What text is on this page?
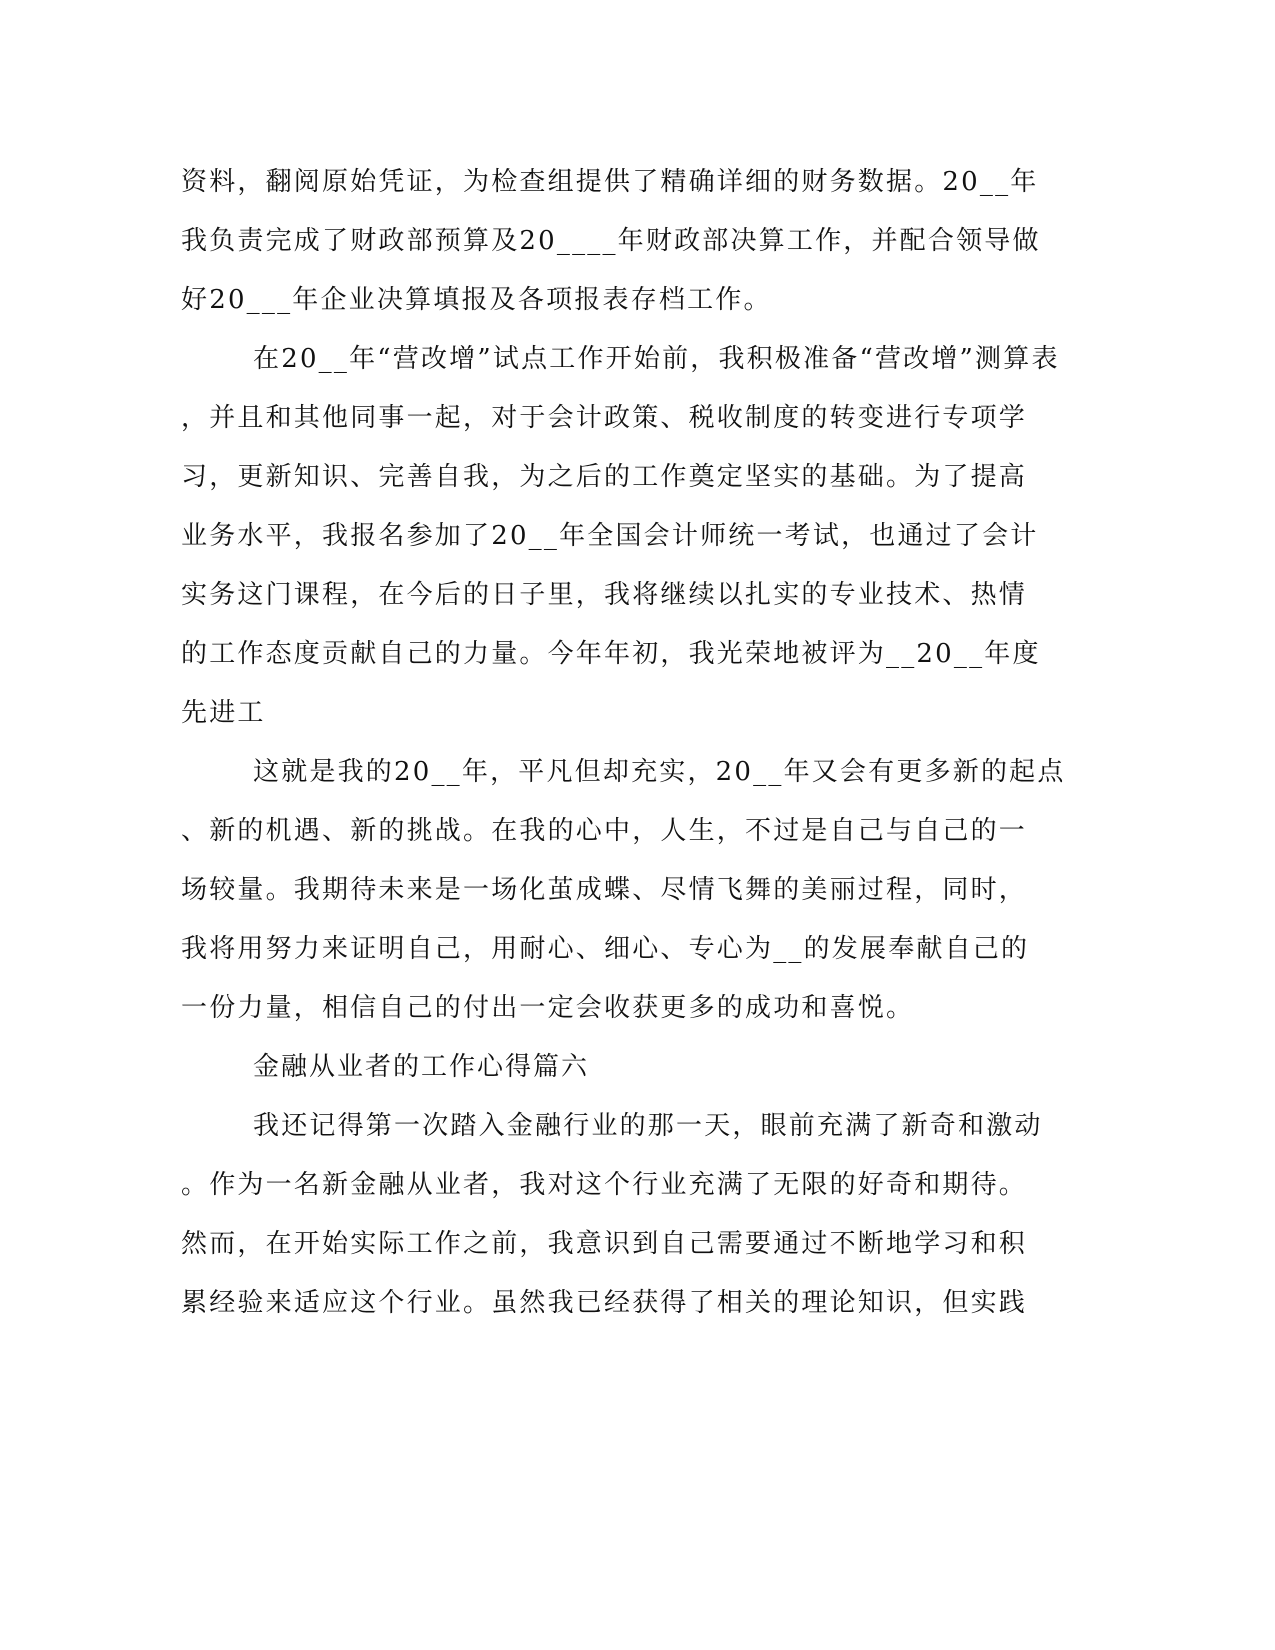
资料，翻阅原始凭证，为检查组提供了精确详细的财务数据。20__年
我负责完成了财政部预算及20____年财政部决算工作，并配合领导做
好20___年企业决算填报及各项报表存档工作。
在20__年“营改增”试点工作开始前，我积极准备“营改增”测算表
，并且和其他同事一起，对于会计政策、税收制度的转变进行专项学
习，更新知识、完善自我，为之后的工作奠定坚实的基础。为了提高
业务水平，我报名参加了20__年全国会计师统一考试，也通过了会计
实务这门课程，在今后的日子里，我将继续以扎实的专业技术、热情
的工作态度贡献自己的力量。今年年初，我光荣地被评为__20__年度
先进工
这就是我的20__年，平凡但却充实，20__年又会有更多新的起点
、新的机遇、新的挑战。在我的心中，人生，不过是自己与自己的一
场较量。我期待未来是一场化茧成蝶、尽情飞舞的美丽过程，同时，
我将用努力来证明自己，用耐心、细心、专心为__的发展奉献自己的
一份力量，相信自己的付出一定会收获更多的成功和喜悦。
金融从业者的工作心得篇六
我还记得第一次踏入金融行业的那一天，眼前充满了新奇和激动
。作为一名新金融从业者，我对这个行业充满了无限的好奇和期待。
然而，在开始实际工作之前，我意识到自己需要通过不断地学习和积
累经验来适应这个行业。虽然我已经获得了相关的理论知识，但实践
